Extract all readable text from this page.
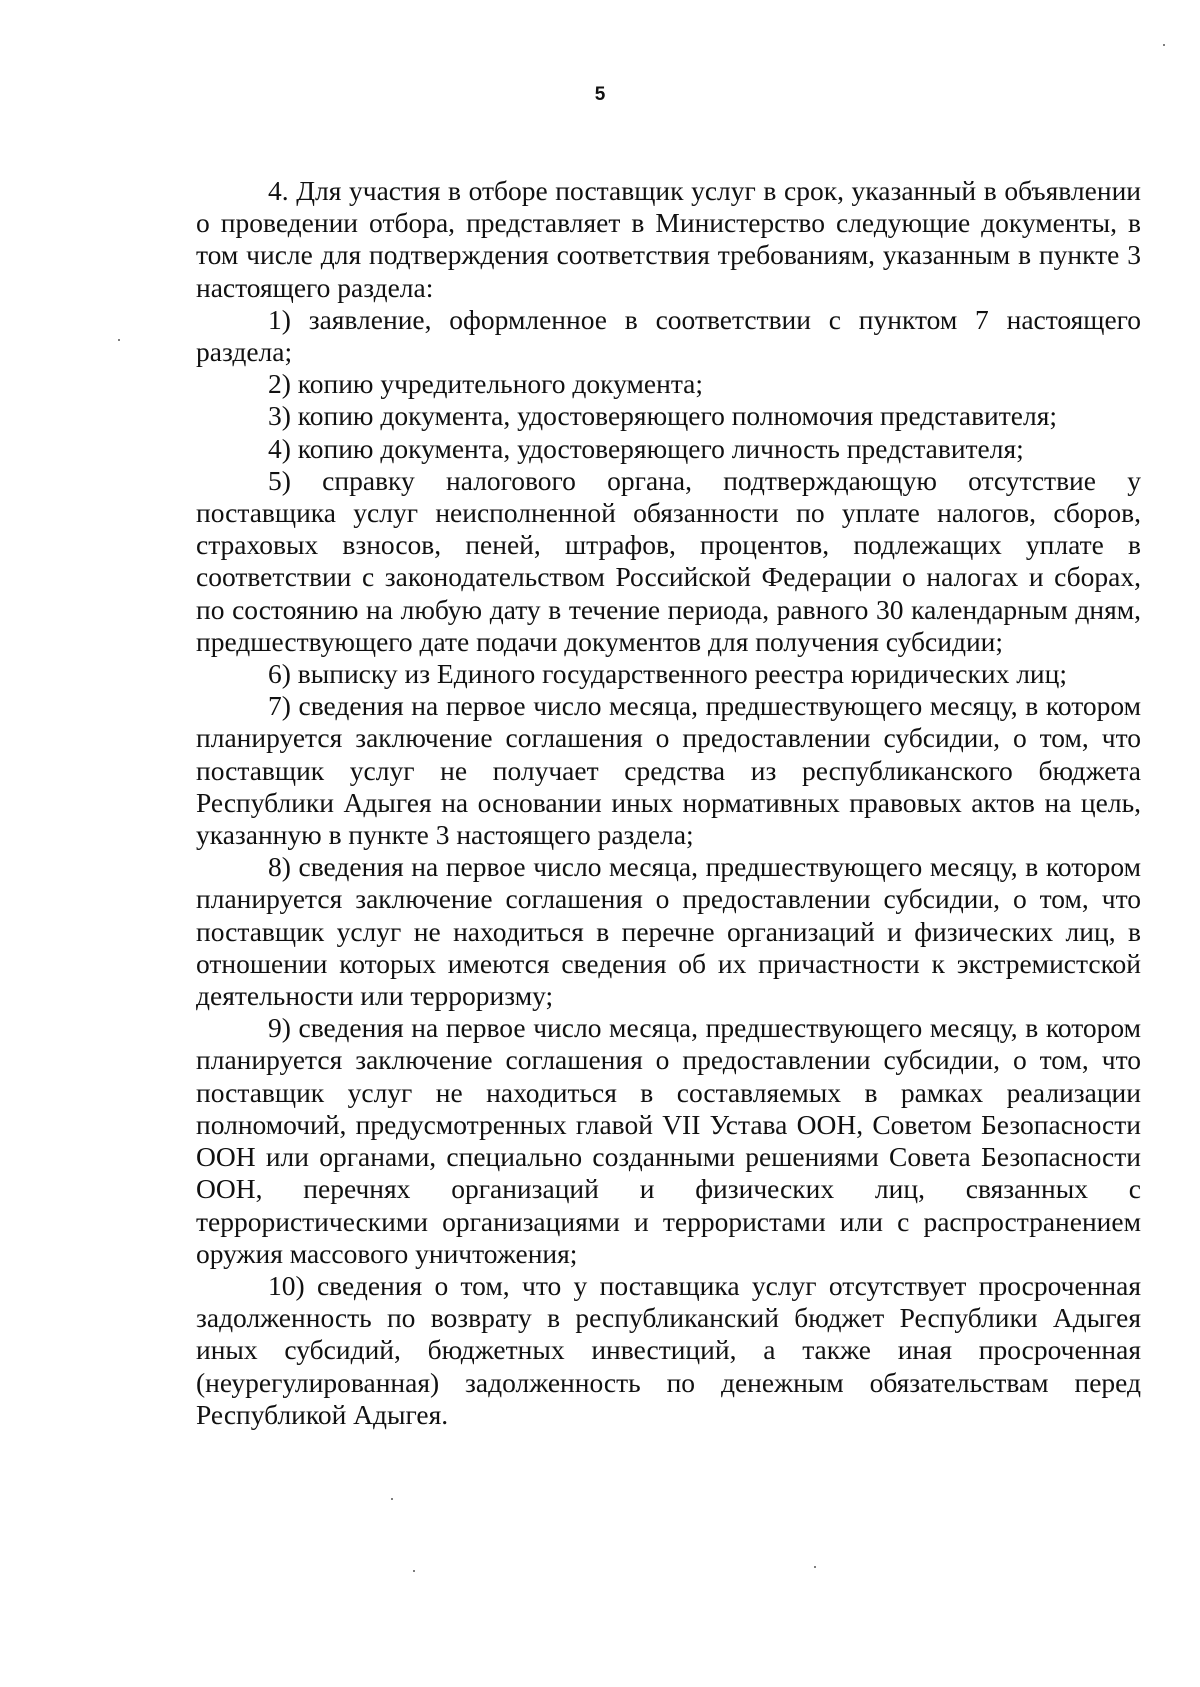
5

4. Для участия в отборе поставщик услуг в срок, указанный в объявлении о проведении отбора, представляет в Министерство следующие документы, в том числе для подтверждения соответствия требованиям, указанным в пункте 3 настоящего раздела:

1) заявление, оформленное в соответствии с пунктом 7 настоящего раздела;

2) копию учредительного документа;

3) копию документа, удостоверяющего полномочия представителя;

4) копию документа, удостоверяющего личность представителя;

5) справку налогового органа, подтверждающую отсутствие у поставщика услуг неисполненной обязанности по уплате налогов, сборов, страховых взносов, пеней, штрафов, процентов, подлежащих уплате в соответствии с законодательством Российской Федерации о налогах и сборах, по состоянию на любую дату в течение периода, равного 30 календарным дням, предшествующего дате подачи документов для получения субсидии;

6) выписку из Единого государственного реестра юридических лиц;

7) сведения на первое число месяца, предшествующего месяцу, в котором планируется заключение соглашения о предоставлении субсидии, о том, что поставщик услуг не получает средства из республиканского бюджета Республики Адыгея на основании иных нормативных правовых актов на цель, указанную в пункте 3 настоящего раздела;

8) сведения на первое число месяца, предшествующего месяцу, в котором планируется заключение соглашения о предоставлении субсидии, о том, что поставщик услуг не находиться в перечне организаций и физических лиц, в отношении которых имеются сведения об их причастности к экстремистской деятельности или терроризму;

9) сведения на первое число месяца, предшествующего месяцу, в котором планируется заключение соглашения о предоставлении субсидии, о том, что поставщик услуг не находиться в составляемых в рамках реализации полномочий, предусмотренных главой VII Устава ООН, Советом Безопасности ООН или органами, специально созданными решениями Совета Безопасности ООН, перечнях организаций и физических лиц, связанных с террористическими организациями и террористами или с распространением оружия массового уничтожения;

10) сведения о том, что у поставщика услуг отсутствует просроченная задолженность по возврату в республиканский бюджет Республики Адыгея иных субсидий, бюджетных инвестиций, а также иная просроченная (неурегулированная) задолженность по денежным обязательствам перед Республикой Адыгея.
